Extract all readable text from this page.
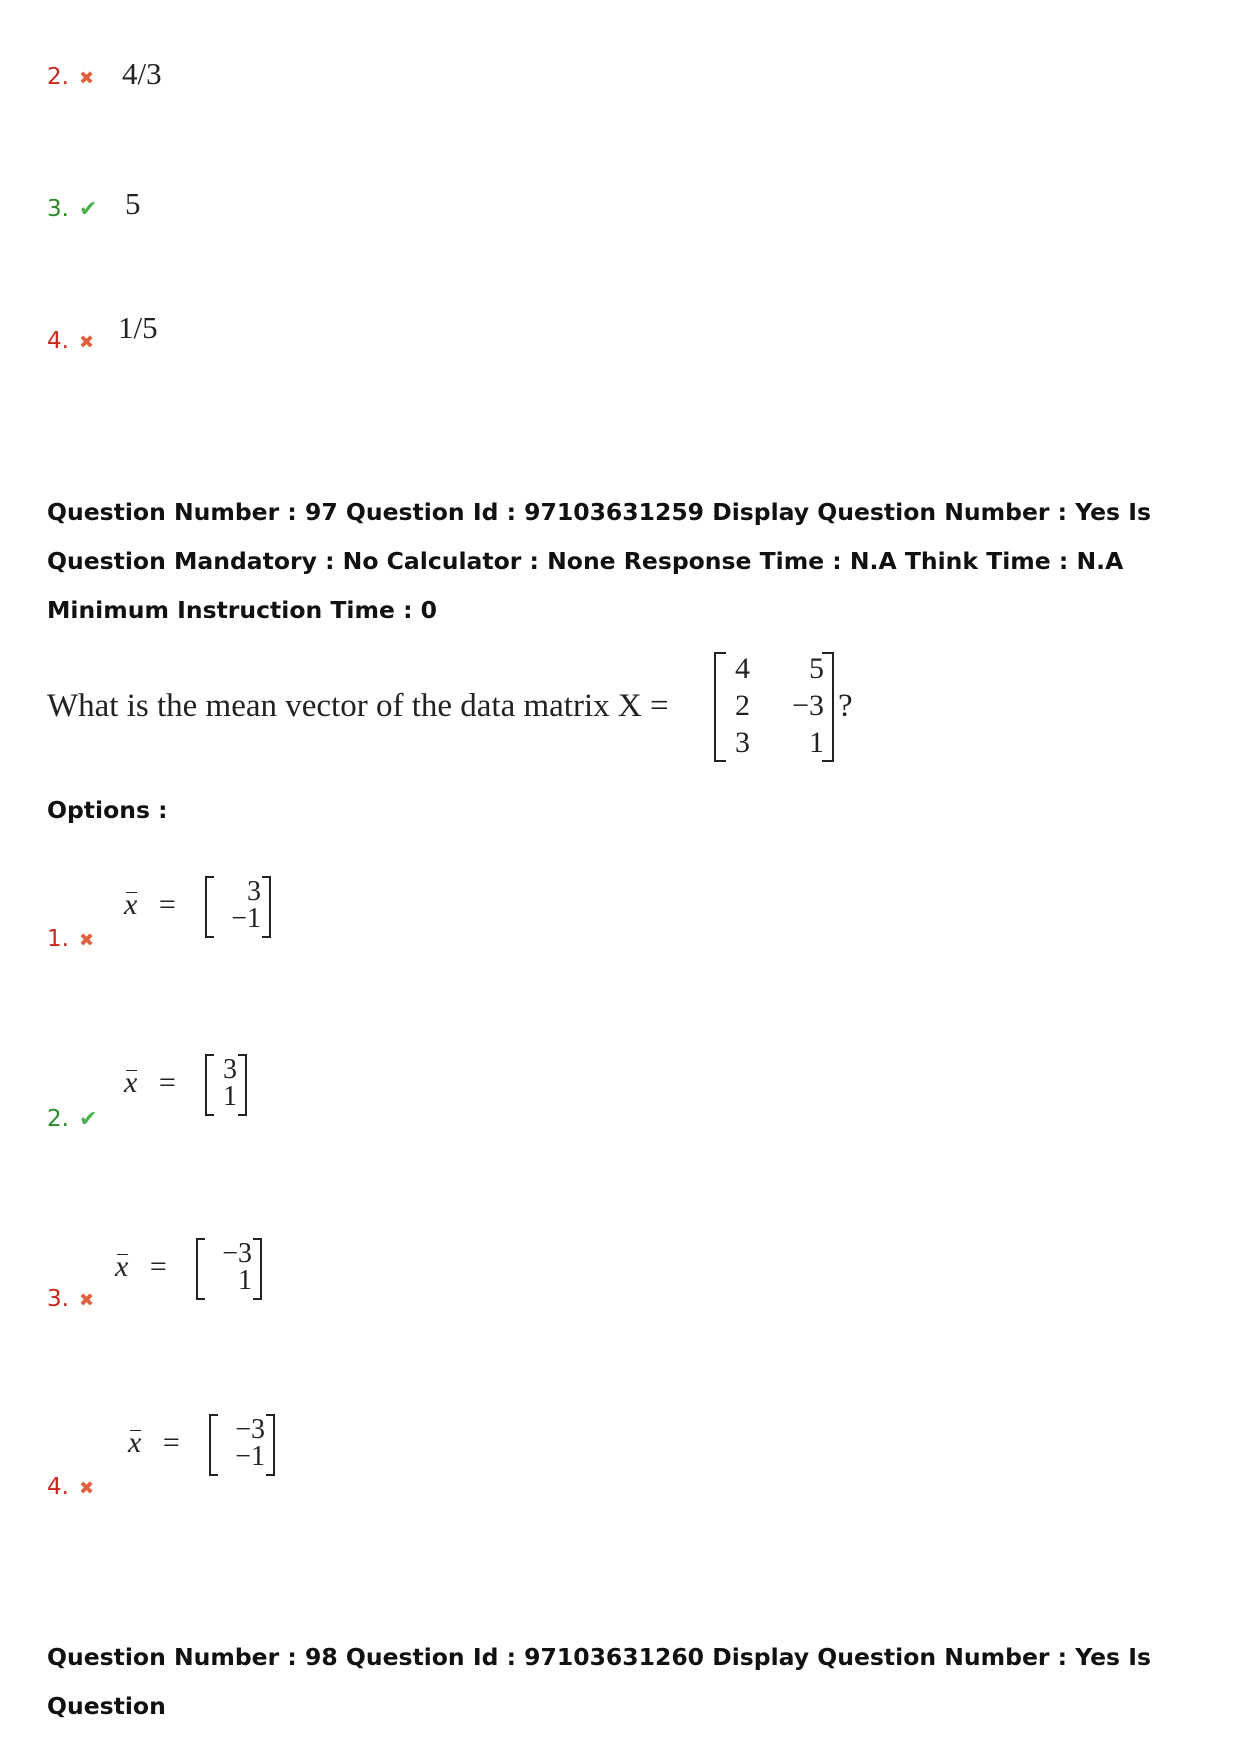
2. ✖ 4/3
3. ✔ 5
4. ✖ 1/5
Question Number : 97 Question Id : 97103631259 Display Question Number : Yes Is Question Mandatory : No Calculator : None Response Time : N.A Think Time : N.A Minimum Instruction Time : 0
What is the mean vector of the data matrix X =
4	5
2	−3
3	1
?
Options :
1. ✖
x =	3
−1
2. ✔
x =	3
1
3. ✖
x =	−3
1
4. ✖
x =	−3
−1
Question Number : 98 Question Id : 97103631260 Display Question Number : Yes Is Question
